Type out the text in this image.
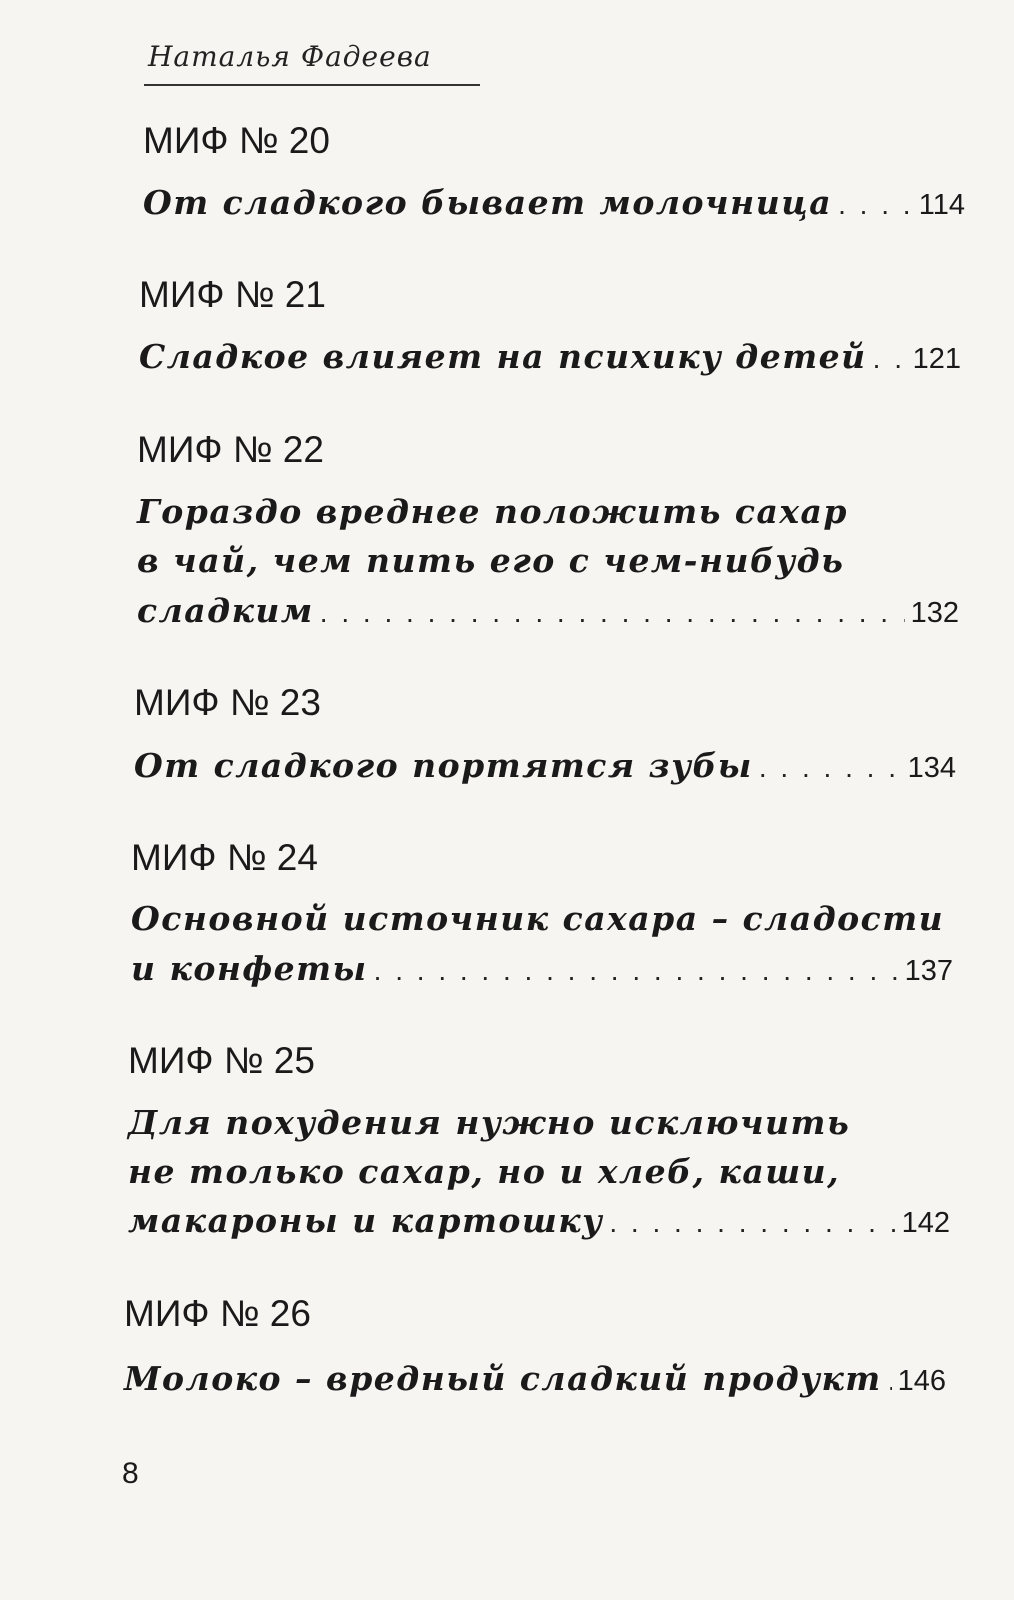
Наталья Фадеева
МИФ № 20
От сладкого бывает молочница . . .	114
МИФ № 21
Сладкое влияет на психику детей . . . 121
МИФ № 22
Гораздо вреднее положить сахар
в чай, чем пить его с чем-нибудь
сладким . . .	132
МИФ № 23
От сладкого портятся зубы . . .	134
МИФ № 24
Основной источник сахара – сладости
и конфеты . . .	137
МИФ № 25
Для похудения нужно исключить
не только сахар, но и хлеб, каши,
макароны и картошку . . .	142
МИФ № 26
Молоко – вредный сладкий продукт . . . 146
8
